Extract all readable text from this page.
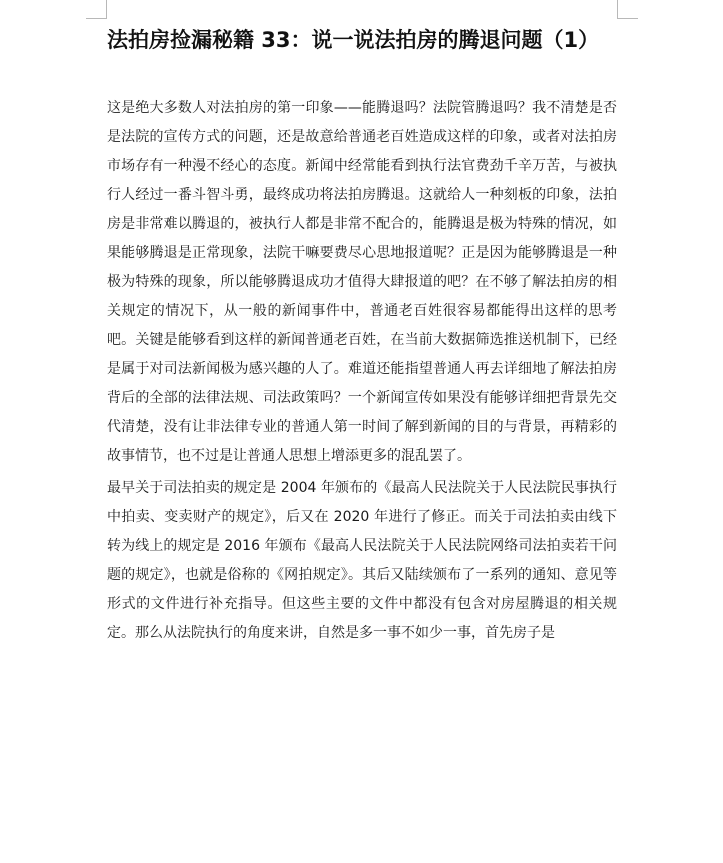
法拍房捡漏秘籍 33：说一说法拍房的腾退问题（1）

这是绝大多数人对法拍房的第一印象——能腾退吗？法院管腾退吗？我不清楚是否是法院的宣传方式的问题，还是故意给普通老百姓造成这样的印象，或者对法拍房市场存有一种漫不经心的态度。新闻中经常能看到执行法官费劲千辛万苦，与被执行人经过一番斗智斗勇，最终成功将法拍房腾退。这就给人一种刻板的印象，法拍房是非常难以腾退的，被执行人都是非常不配合的，能腾退是极为特殊的情况，如果能够腾退是正常现象，法院干嘛要费尽心思地报道呢？正是因为能够腾退是一种极为特殊的现象，所以能够腾退成功才值得大肆报道的吧？在不够了解法拍房的相关规定的情况下，从一般的新闻事件中，普通老百姓很容易都能得出这样的思考吧。关键是能够看到这样的新闻普通老百姓，在当前大数据筛选推送机制下，已经是属于对司法新闻极为感兴趣的人了。难道还能指望普通人再去详细地了解法拍房背后的全部的法律法规、司法政策吗？一个新闻宣传如果没有能够详细把背景先交代清楚，没有让非法律专业的普通人第一时间了解到新闻的目的与背景，再精彩的故事情节，也不过是让普通人思想上增添更多的混乱罢了。

最早关于司法拍卖的规定是 2004 年颁布的《最高人民法院关于人民法院民事执行中拍卖、变卖财产的规定》，后又在 2020 年进行了修正。而关于司法拍卖由线下转为线上的规定是 2016 年颁布《最高人民法院关于人民法院网络司法拍卖若干问题的规定》，也就是俗称的《网拍规定》。其后又陆续颁布了一系列的通知、意见等形式的文件进行补充指导。但这些主要的文件中都没有包含对房屋腾退的相关规定。那么从法院执行的角度来讲，自然是多一事不如少一事，首先房子是
